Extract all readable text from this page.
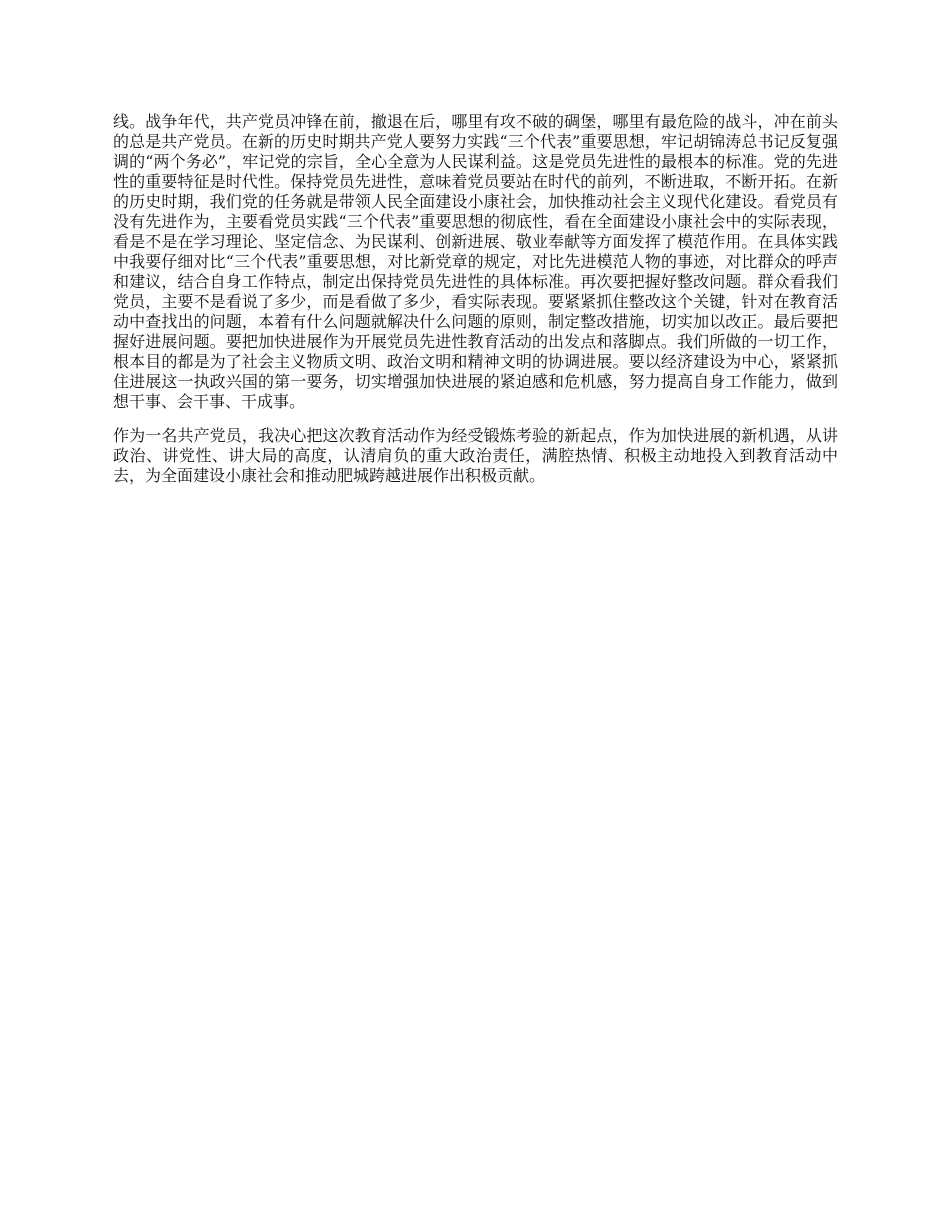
线。战争年代，共产党员冲锋在前，撤退在后，哪里有攻不破的碉堡，哪里有最危险的战斗，冲在前头的总是共产党员。在新的历史时期共产党人要努力实践“三个代表”重要思想，牢记胡锦涛总书记反复强调的“两个务必”，牢记党的宗旨，全心全意为人民谋利益。这是党员先进性的最根本的标准。党的先进性的重要特征是时代性。保持党员先进性，意味着党员要站在时代的前列，不断进取，不断开拓。在新的历史时期，我们党的任务就是带领人民全面建设小康社会，加快推动社会主义现代化建设。看党员有没有先进作为，主要看党员实践“三个代表”重要思想的彻底性，看在全面建设小康社会中的实际表现，看是不是在学习理论、坚定信念、为民谋利、创新进展、敬业奉献等方面发挥了模范作用。在具体实践中我要仔细对比“三个代表”重要思想，对比新党章的规定，对比先进模范人物的事迹，对比群众的呼声和建议，结合自身工作特点，制定出保持党员先进性的具体标准。再次要把握好整改问题。群众看我们党员，主要不是看说了多少，而是看做了多少，看实际表现。要紧紧抓住整改这个关键，针对在教育活动中查找出的问题，本着有什么问题就解决什么问题的原则，制定整改措施，切实加以改正。最后要把握好进展问题。要把加快进展作为开展党员先进性教育活动的出发点和落脚点。我们所做的一切工作，根本目的都是为了社会主义物质文明、政治文明和精神文明的协调进展。要以经济建设为中心，紧紧抓住进展这一执政兴国的第一要务，切实增强加快进展的紧迫感和危机感，努力提高自身工作能力，做到想干事、会干事、干成事。

作为一名共产党员，我决心把这次教育活动作为经受锻炼考验的新起点，作为加快进展的新机遇，从讲政治、讲党性、讲大局的高度，认清肩负的重大政治责任，满腔热情、积极主动地投入到教育活动中去，为全面建设小康社会和推动肥城跨越进展作出积极贡献。
